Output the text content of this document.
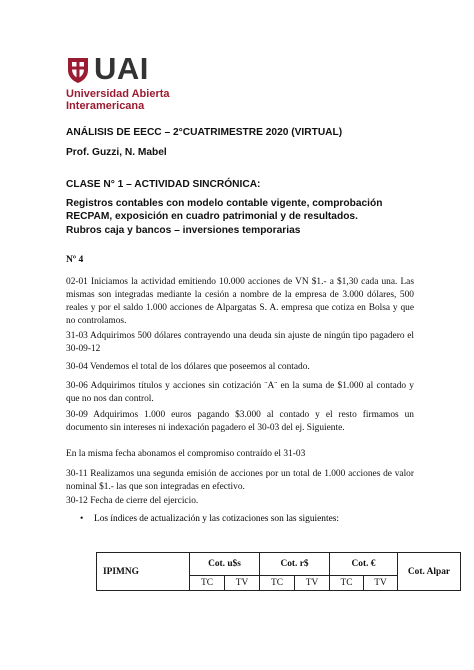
UAI
Universidad Abierta
Interamericana

ANÁLISIS DE EECC – 2°CUATRIMESTRE 2020 (VIRTUAL)

Prof. Guzzi, N. Mabel

CLASE N° 1 – ACTIVIDAD SINCRÓNICA:

Registros contables con modelo contable vigente, comprobación RECPAM, exposición en cuadro patrimonial y de resultados.

Rubros caja y bancos – inversiones temporarias

Nº 4

02-01 Iniciamos la actividad emitiendo 10.000 acciones de VN $1.- a $1,30 cada una. Las mismas son integradas mediante la cesión a nombre de la empresa de 3.000 dólares, 500 reales y por el saldo 1.000 acciones de Alpargatas S. A. empresa que cotiza en Bolsa y que no controlamos.

31-03 Adquirimos 500 dólares contrayendo una deuda sin ajuste de ningún tipo pagadero el 30-09-12

30-04 Vendemos el total de los dólares que poseemos al contado.

30-06 Adquirimos títulos y acciones sin cotización ¨A¨ en la suma de $1.000 al contado y que no nos dan control.

30-09 Adquirimos 1.000 euros pagando $3.000 al contado y el resto firmamos un documento sin intereses ni indexación pagadero el 30-03 del ej. Siguiente.

En la misma fecha abonamos el compromiso contraído el 31-03

30-11 Realizamos una segunda emisión de acciones por un total de 1.000 acciones de valor nominal $1.- las que son integradas en efectivo.

30-12 Fecha de cierre del ejercicio.

• Los índices de actualización y las cotizaciones son las siguientes:
IPIMNG	Cot. u$s		Cot. r$		Cot. €		Cot. Alpar
	TC	TV	TC	TV	TC	TV	
